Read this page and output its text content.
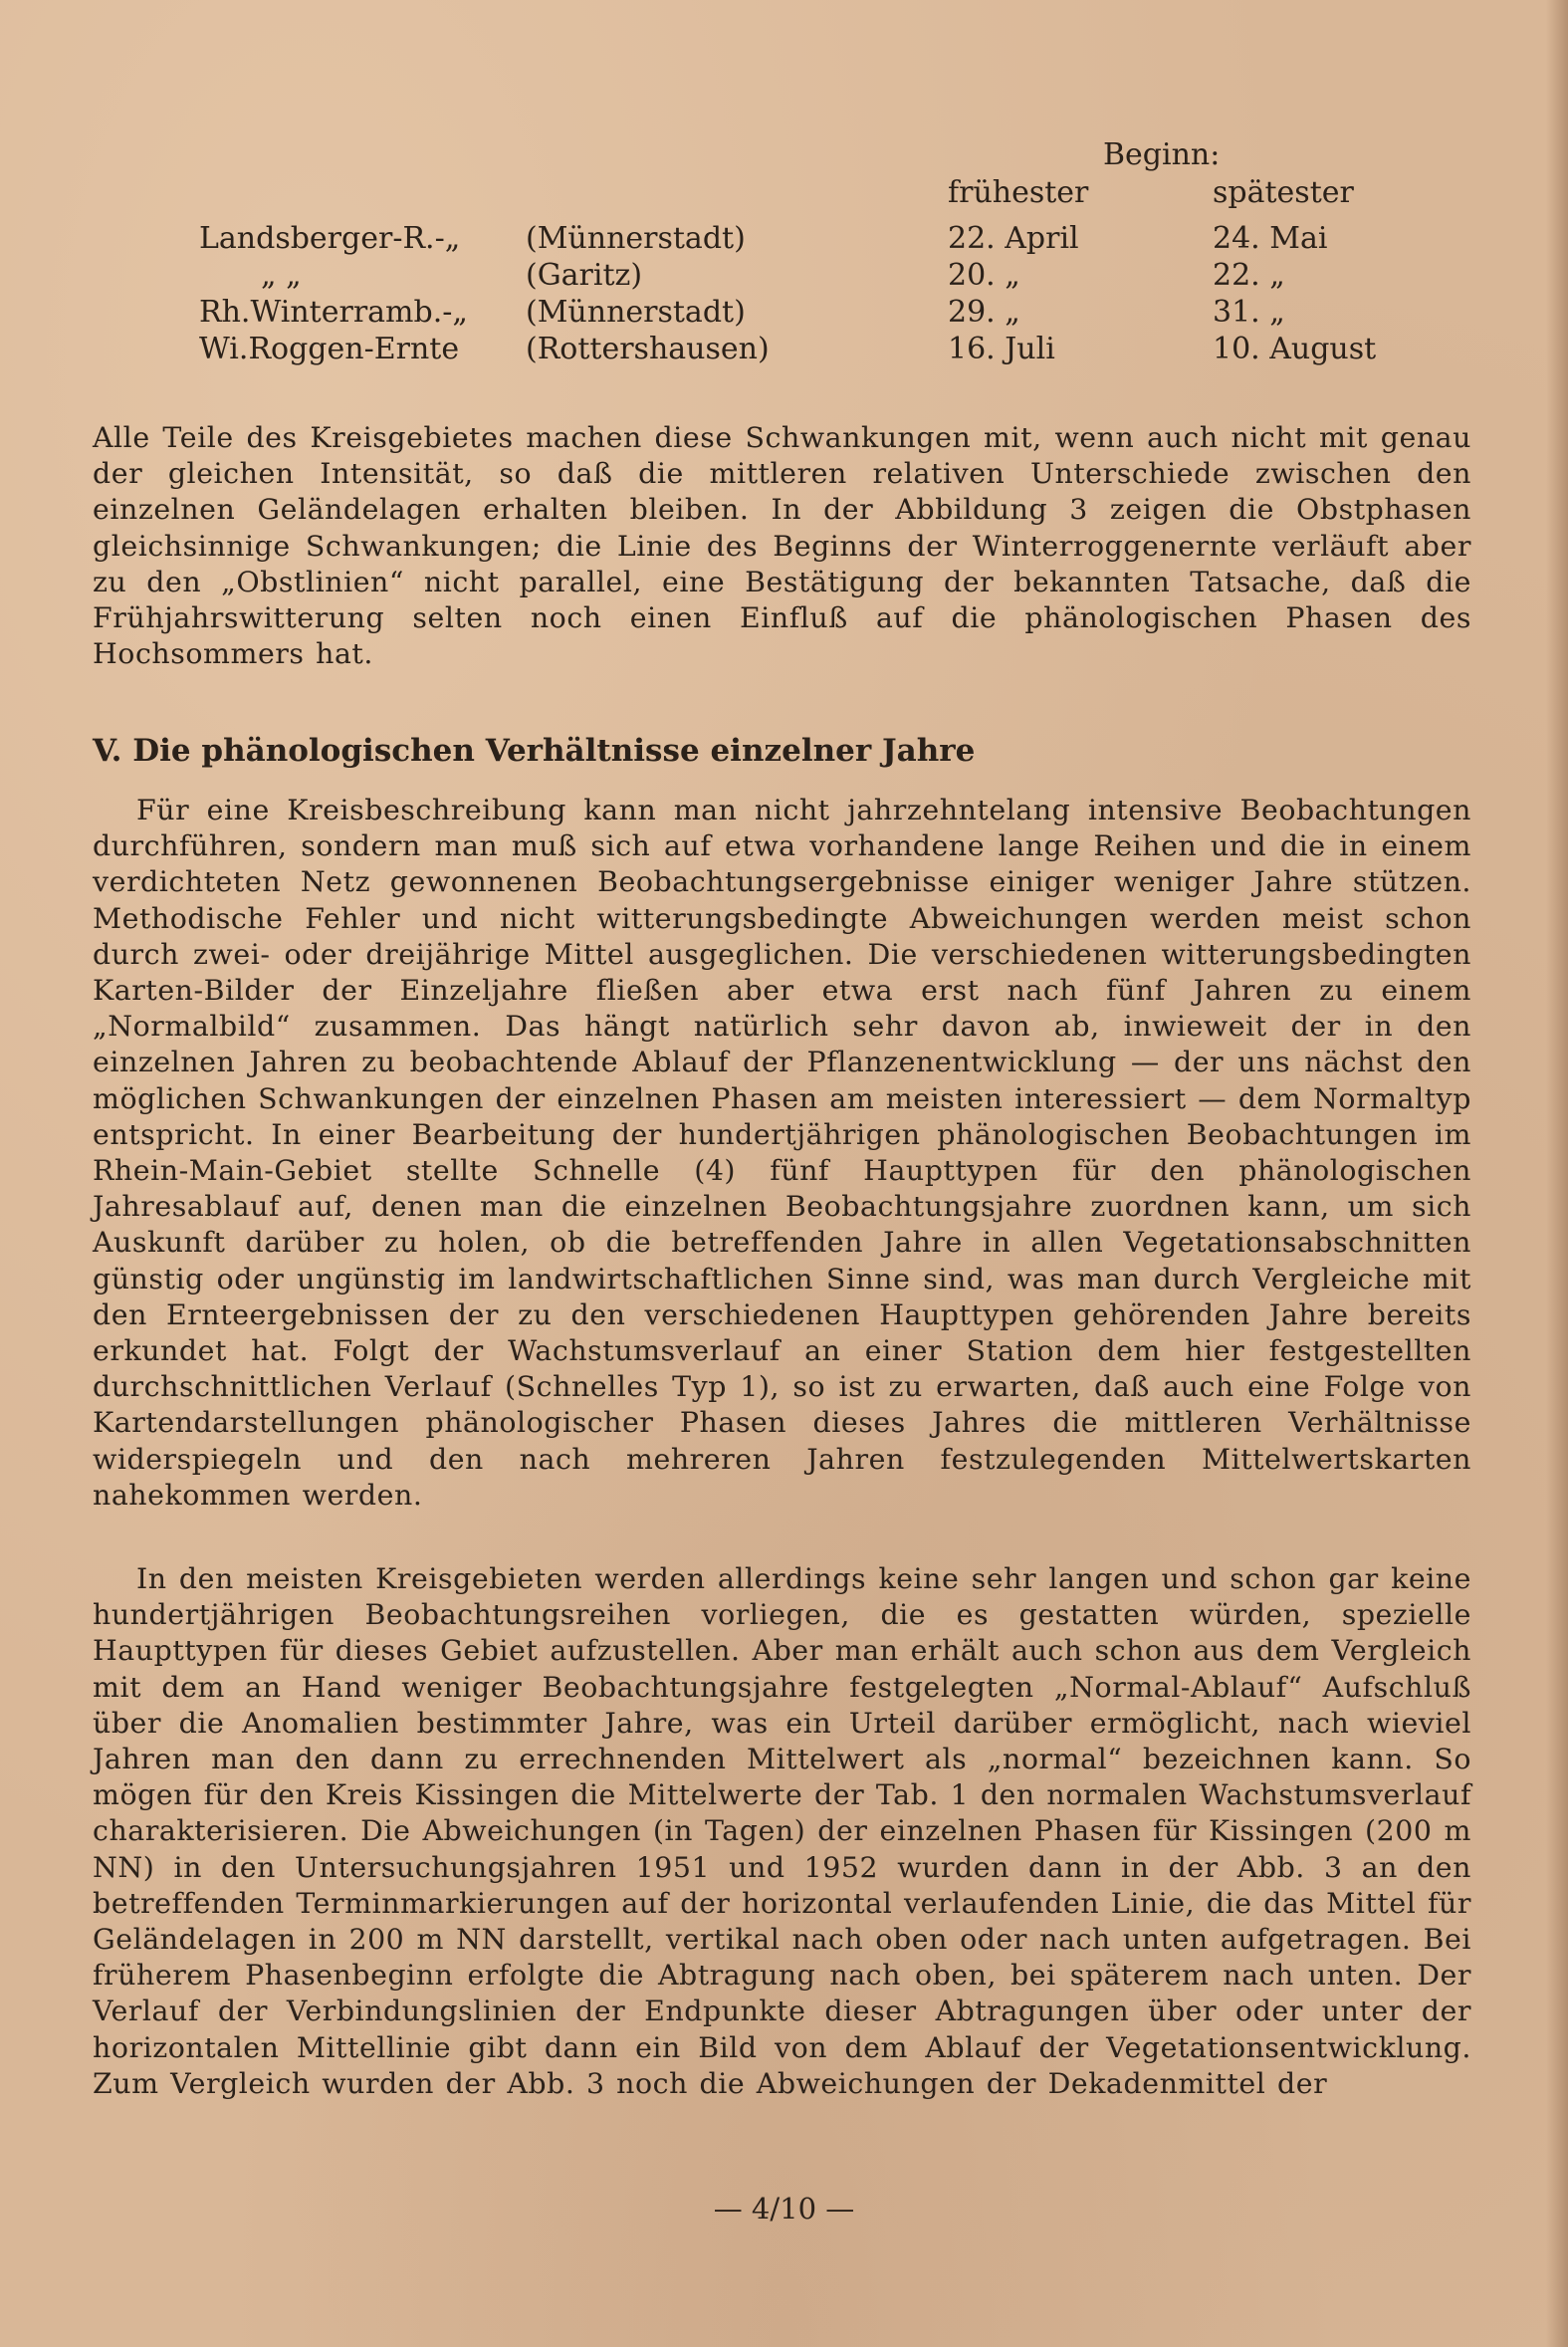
Beginn:
frühester	spätester
Landsberger-R.-„ (Münnerstadt)	22. April	24. Mai
„ „	(Garitz)	20. „	22. „
Rh.Winterramb.-„ (Münnerstadt)	29. „	31. „
Wi.Roggen-Ernte (Rottershausen)	16. Juli	10. August

Alle Teile des Kreisgebietes machen diese Schwankungen mit, wenn auch nicht mit genau der gleichen Intensität, so daß die mittleren relativen Unterschiede zwischen den einzelnen Geländelagen erhalten bleiben. In der Abbildung 3 zeigen die Obstphasen gleichsinnige Schwankungen; die Linie des Beginns der Winterroggenernte verläuft aber zu den „Obstlinien“ nicht parallel, eine Bestätigung der bekannten Tatsache, daß die Frühjahrswitterung selten noch einen Einfluß auf die phänologischen Phasen des Hochsommers hat.

V. Die phänologischen Verhältnisse einzelner Jahre

Für eine Kreisbeschreibung kann man nicht jahrzehntelang intensive Beobachtungen durchführen, sondern man muß sich auf etwa vorhandene lange Reihen und die in einem verdichteten Netz gewonnenen Beobachtungsergebnisse einiger weniger Jahre stützen. Methodische Fehler und nicht witterungsbedingte Abweichungen werden meist schon durch zwei- oder dreijährige Mittel ausgeglichen. Die verschiedenen witterungsbedingten Karten-Bilder der Einzeljahre fließen aber etwa erst nach fünf Jahren zu einem „Normalbild“ zusammen. Das hängt natürlich sehr davon ab, inwieweit der in den einzelnen Jahren zu beobachtende Ablauf der Pflanzenentwicklung — der uns nächst den möglichen Schwankungen der einzelnen Phasen am meisten interessiert — dem Normaltyp entspricht. In einer Bearbeitung der hundertjährigen phänologischen Beobachtungen im Rhein-Main-Gebiet stellte Schnelle (4) fünf Haupttypen für den phänologischen Jahresablauf auf, denen man die einzelnen Beobachtungsjahre zuordnen kann, um sich Auskunft darüber zu holen, ob die betreffenden Jahre in allen Vegetationsabschnitten günstig oder ungünstig im landwirtschaftlichen Sinne sind, was man durch Vergleiche mit den Ernteergebnissen der zu den verschiedenen Haupttypen gehörenden Jahre bereits erkundet hat. Folgt der Wachstumsverlauf an einer Station dem hier festgestellten durchschnittlichen Verlauf (Schnelles Typ 1), so ist zu erwarten, daß auch eine Folge von Kartendarstellungen phänologischer Phasen dieses Jahres die mittleren Verhältnisse widerspiegeln und den nach mehreren Jahren festzulegenden Mittelwertskarten nahekommen werden.

In den meisten Kreisgebieten werden allerdings keine sehr langen und schon gar keine hundertjährigen Beobachtungsreihen vorliegen, die es gestatten würden, spezielle Haupttypen für dieses Gebiet aufzustellen. Aber man erhält auch schon aus dem Vergleich mit dem an Hand weniger Beobachtungsjahre festgelegten „Normal-Ablauf“ Aufschluß über die Anomalien bestimmter Jahre, was ein Urteil darüber ermöglicht, nach wieviel Jahren man den dann zu errechnenden Mittelwert als „normal“ bezeichnen kann. So mögen für den Kreis Kissingen die Mittelwerte der Tab. 1 den normalen Wachstumsverlauf charakterisieren. Die Abweichungen (in Tagen) der einzelnen Phasen für Kissingen (200 m NN) in den Untersuchungsjahren 1951 und 1952 wurden dann in der Abb. 3 an den betreffenden Terminmarkierungen auf der horizontal verlaufenden Linie, die das Mittel für Geländelagen in 200 m NN darstellt, vertikal nach oben oder nach unten aufgetragen. Bei früherem Phasenbeginn erfolgte die Abtragung nach oben, bei späterem nach unten. Der Verlauf der Verbindungslinien der Endpunkte dieser Abtragungen über oder unter der horizontalen Mittellinie gibt dann ein Bild von dem Ablauf der Vegetationsentwicklung. Zum Vergleich wurden der Abb. 3 noch die Abweichungen der Dekadenmittel der

— 4/10 —
